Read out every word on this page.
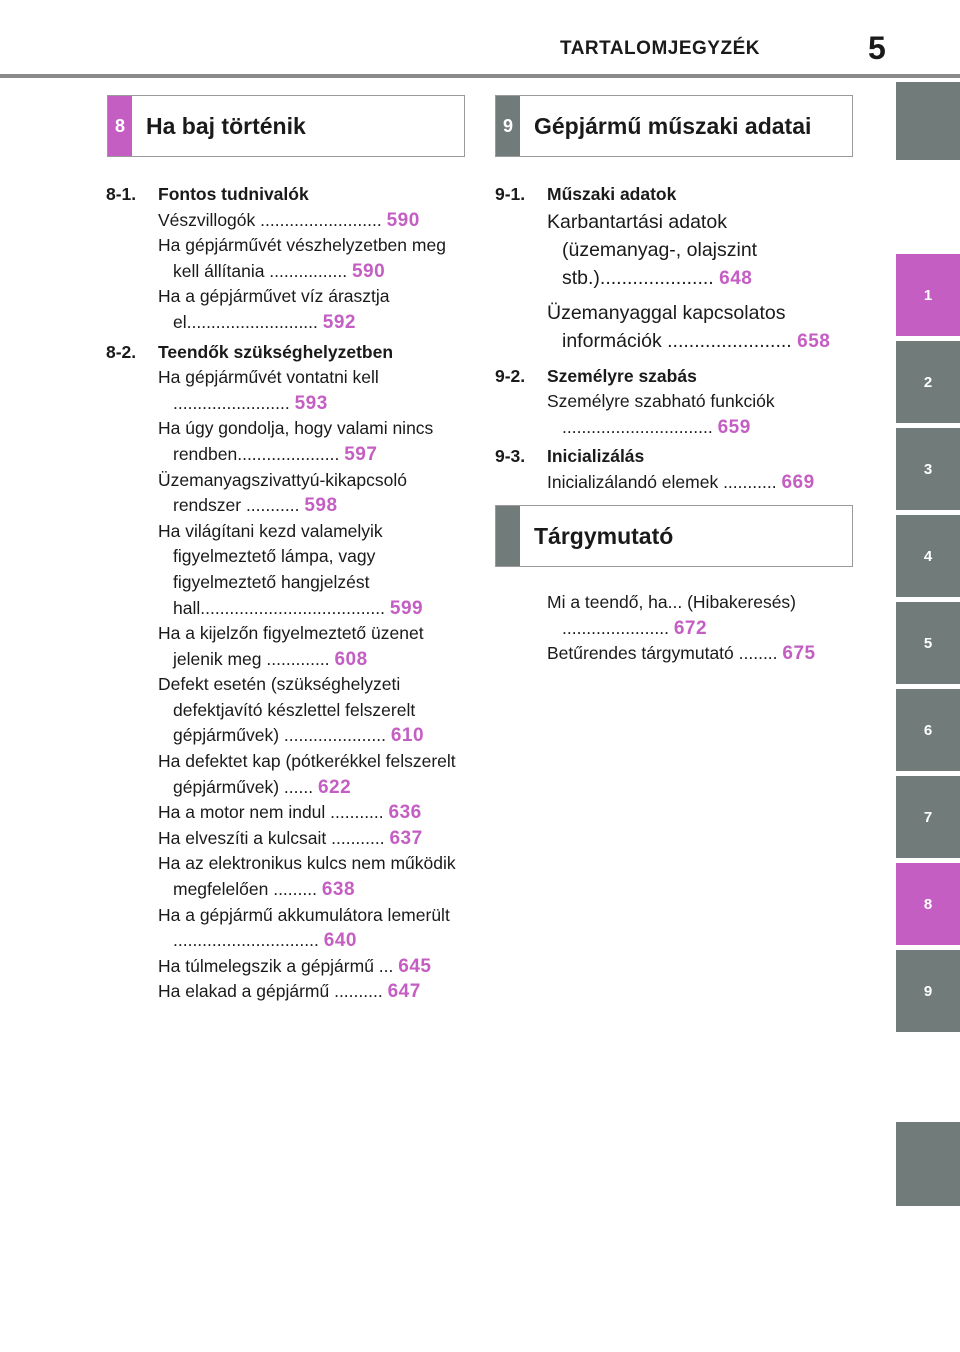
TARTALOMJEGYZÉK	5
1
2
3
4
5
6
7
8
9
8 Ha baj történik
8-1.	Fontos tudnivalók
Vészvillogók ......................... 590
Ha gépjárművét vészhelyzetben meg kell állítania ................ 590
Ha a gépjárművet víz árasztja el........................... 592
8-2.	Teendők szükséghelyzetben
Ha gépjárművét vontatni kell ........................ 593
Ha úgy gondolja, hogy valami nincs rendben..................... 597
Üzemanyagszivattyú-kikapcsoló rendszer ........... 598
Ha világítani kezd valamelyik figyelmeztető lámpa, vagy figyelmeztető hangjelzést hall...................................... 599
Ha a kijelzőn figyelmeztető üzenet jelenik meg ............. 608
Defekt esetén (szükséghelyzeti defektjavító készlettel felszerelt gépjárművek) ..................... 610
Ha defektet kap (pótkerékkel felszerelt gépjárművek) ...... 622
Ha a motor nem indul ........... 636
Ha elveszíti a kulcsait ........... 637
Ha az elektronikus kulcs nem működik megfelelően ......... 638
Ha a gépjármű akkumulátora lemerült .............................. 640
Ha túlmelegszik a gépjármű ... 645
Ha elakad a gépjármű .......... 647
9 Gépjármű műszaki adatai
9-1.	Műszaki adatok
Karbantartási adatok (üzemanyag-, olajszint stb.)..................... 648
Üzemanyaggal kapcsolatos információk ....................... 658
9-2.	Személyre szabás
Személyre szabható funkciók ............................... 659
9-3.	Inicializálás
Inicializálandó elemek ........... 669
Tárgymutató
Mi a teendő, ha... (Hibakeresés) ...................... 672
Betűrendes tárgymutató ........ 675
